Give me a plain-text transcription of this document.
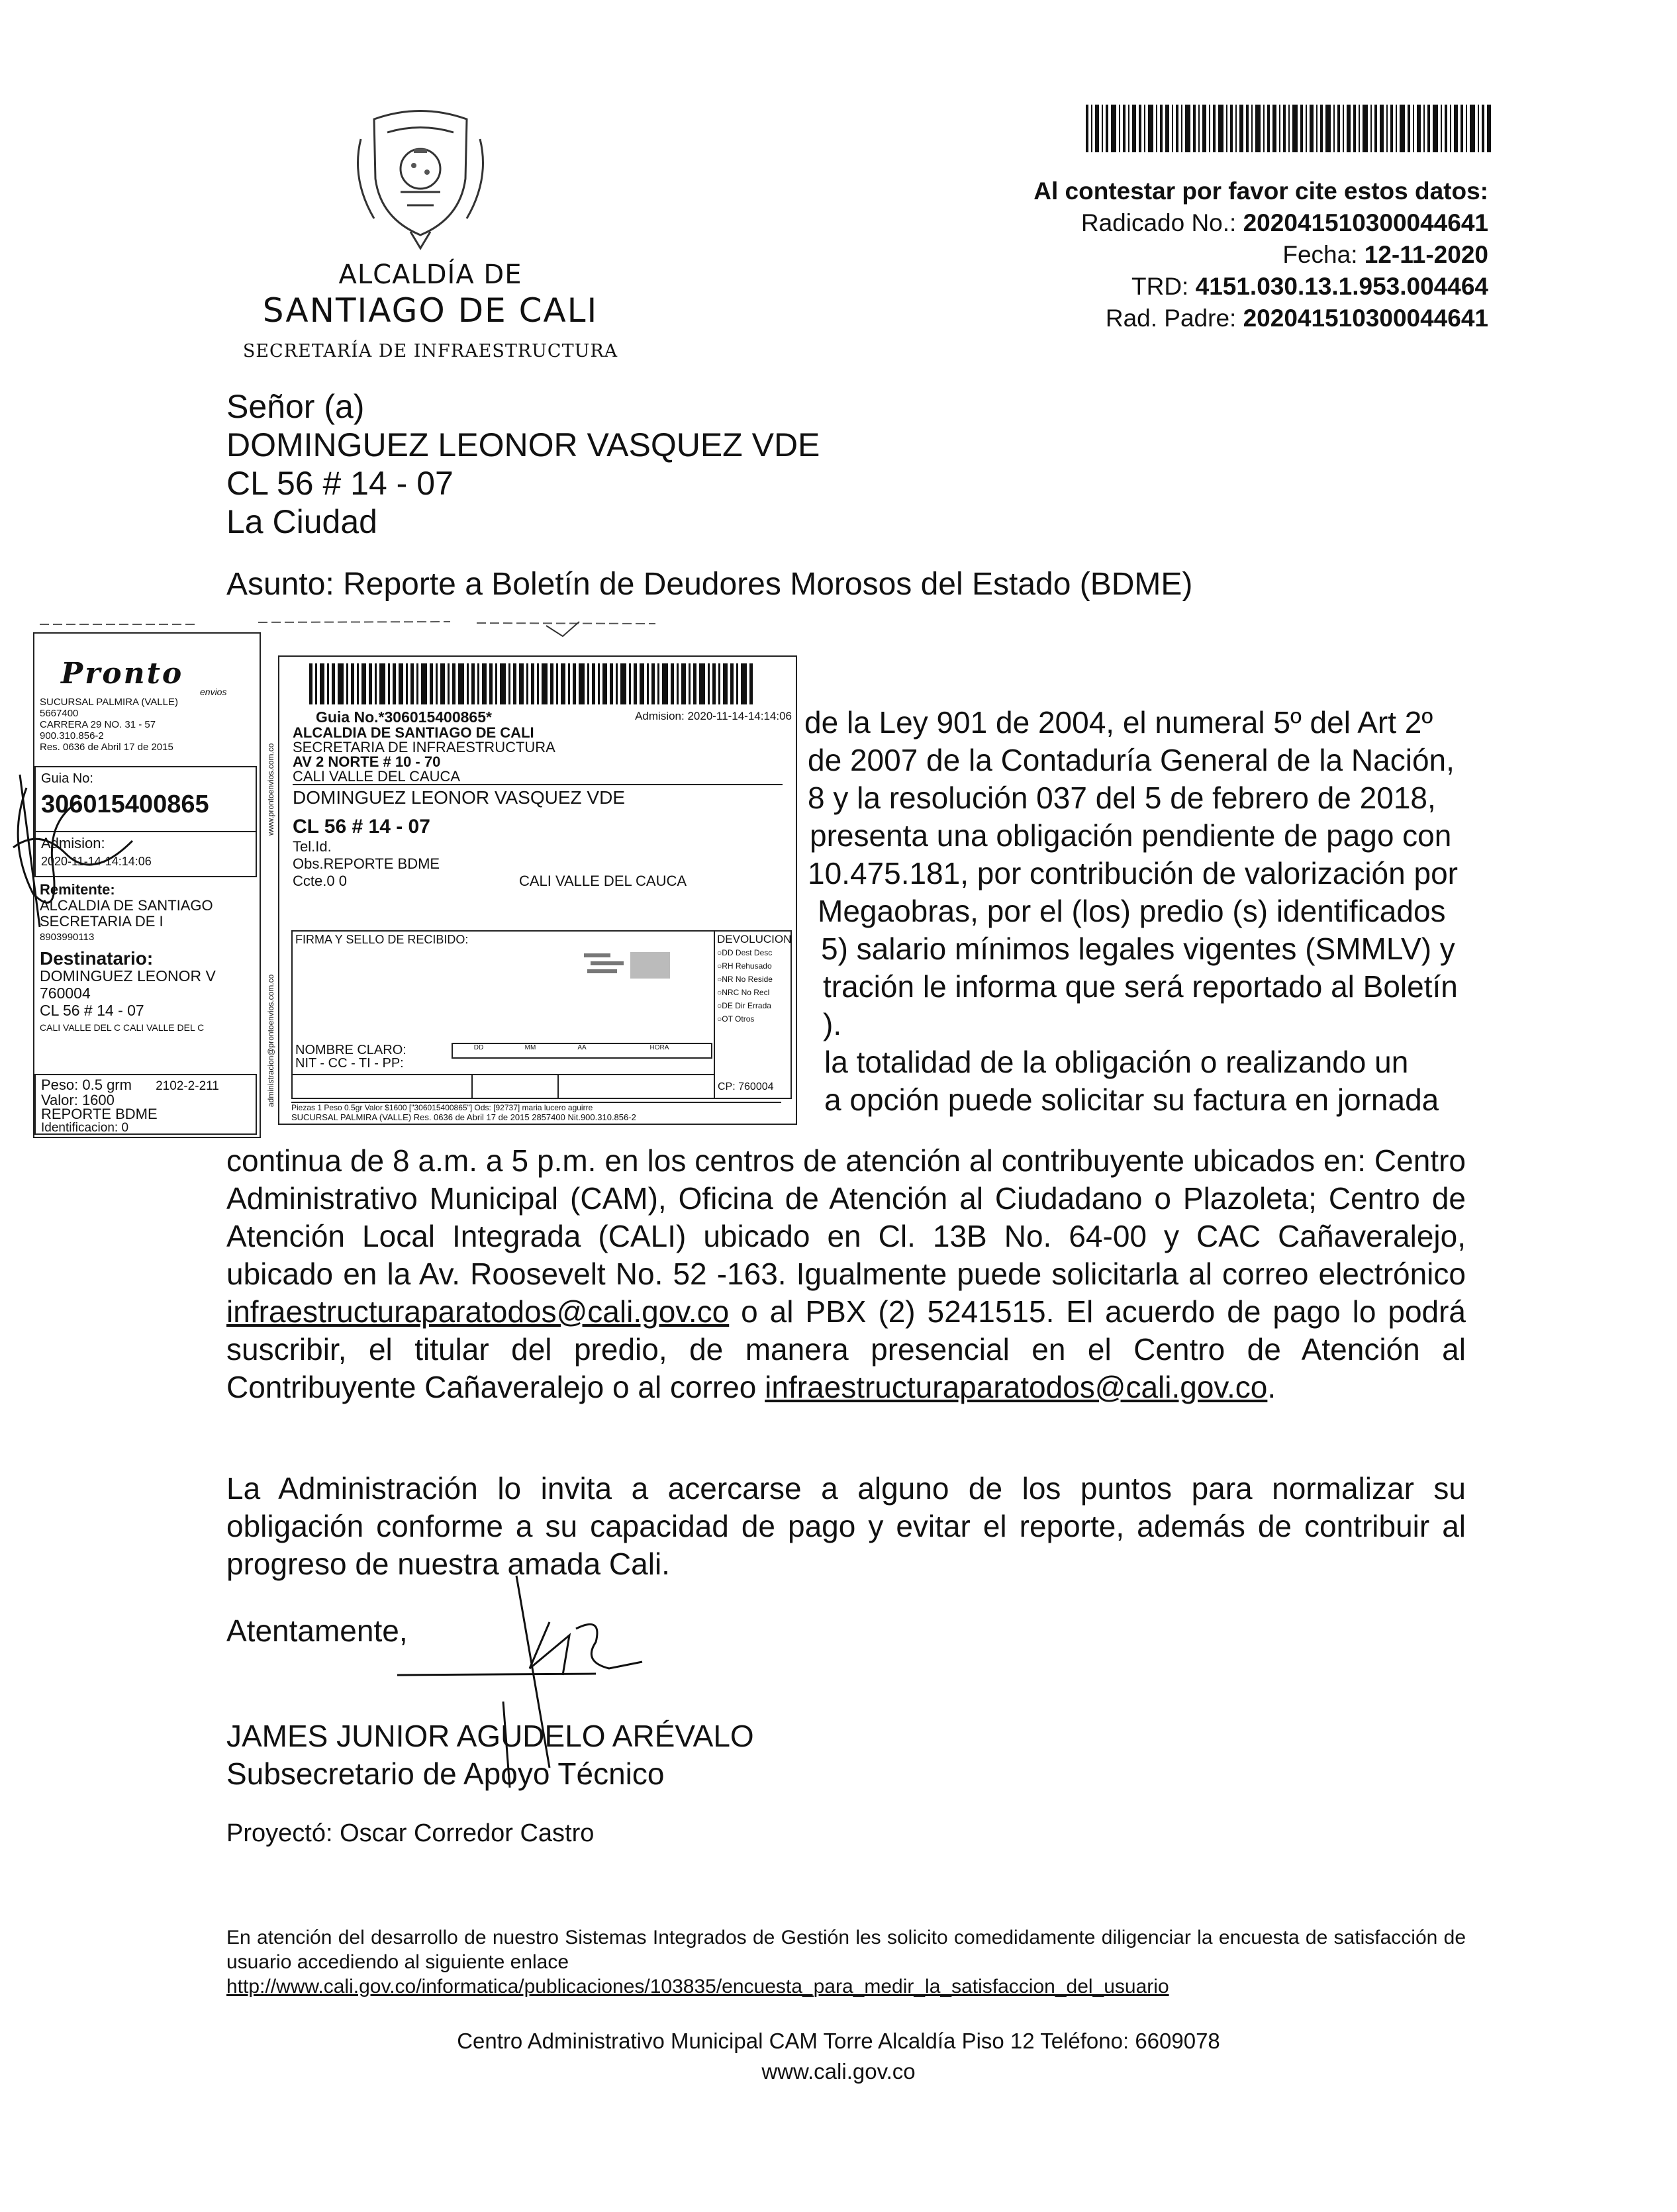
ALCALDÍA DE
SANTIAGO DE CALI
SECRETARÍA DE INFRAESTRUCTURA
Al contestar por favor cite estos datos:
Radicado No.: 202041510300044641
Fecha: 12-11-2020
TRD: 4151.030.13.1.953.004464
Rad. Padre: 202041510300044641
Señor (a)
DOMINGUEZ LEONOR VASQUEZ VDE
CL 56 # 14 - 07
La Ciudad
Asunto: Reporte a Boletín de Deudores Morosos del Estado (BDME)
de la Ley 901 de 2004, el numeral 5º del Art 2º
de 2007 de la Contaduría General de la Nación,
8 y la resolución 037 del 5 de febrero de 2018,
presenta una obligación pendiente de pago con
10.475.181, por contribución de valorización por
Megaobras, por el (los) predio (s) identificados
5) salario mínimos legales vigentes (SMMLV) y
tración le informa que será reportado al Boletín
).
la totalidad de la obligación o realizando un
a opción puede solicitar su factura en jornada
continua de 8 a.m. a 5 p.m. en los centros de atención al contribuyente ubicados en: Centro Administrativo Municipal (CAM), Oficina de Atención al Ciudadano o Plazoleta; Centro de Atención Local Integrada (CALI) ubicado en Cl. 13B No. 64-00 y CAC Cañaveralejo, ubicado en la Av. Roosevelt No. 52 -163. Igualmente puede solicitarla al correo electrónico infraestructuraparatodos@cali.gov.co o al PBX (2) 5241515. El acuerdo de pago lo podrá suscribir, el titular del predio, de manera presencial en el Centro de Atención al Contribuyente Cañaveralejo o al correo infraestructuraparatodos@cali.gov.co.
La Administración lo invita a acercarse a alguno de los puntos para normalizar su obligación conforme a su capacidad de pago y evitar el reporte, además de contribuir al progreso de nuestra amada Cali.
Atentamente,
JAMES JUNIOR AGUDELO ARÉVALO
Subsecretario de Apoyo Técnico
Proyectó: Oscar Corredor Castro
En atención del desarrollo de nuestro Sistemas Integrados de Gestión les solicito comedidamente diligenciar la encuesta de satisfacción de usuario accediendo al siguiente enlace
http://www.cali.gov.co/informatica/publicaciones/103835/encuesta_para_medir_la_satisfaccion_del_usuario
Centro Administrativo Municipal CAM Torre Alcaldía Piso 12 Teléfono: 6609078
www.cali.gov.co
Pronto
envios
SUCURSAL PALMIRA (VALLE)
5667400
CARRERA 29 NO. 31 - 57
900.310.856-2
Res. 0636 de Abril 17 de 2015
Guia No:
306015400865
Admision:
2020-11-14-14:14:06
Remitente:
ALCALDIA DE SANTIAGO
SECRETARIA DE I
8903990113
Destinatario:
DOMINGUEZ LEONOR V
760004
CL 56 # 14 - 07
CALI VALLE DEL C CALI VALLE DEL C
Peso: 0.5 grm 2102-2-211
Valor: 1600
REPORTE BDME
Identificacion: 0
Guia No.*306015400865*	Admision: 2020-11-14-14:14:06
www.prontoenvios.com.co
administracion@prontoenvios.com.co
ALCALDIA DE SANTIAGO DE CALI
SECRETARIA DE INFRAESTRUCTURA
AV 2 NORTE # 10 - 70
CALI VALLE DEL CAUCA
DOMINGUEZ LEONOR VASQUEZ VDE
CL 56 # 14 - 07
Tel.Id.
Obs.REPORTE BDME
Ccte.0 0	CALI VALLE DEL CAUCA
FIRMA Y SELLO DE RECIBIDO:
NOMBRE CLARO:
NIT - CC - TI - PP:
DD	MM	AA	HORA
DEVOLUCION
○DD Dest Desc
○RH Rehusado
○NR No Reside
○NRC No Recl
○DE Dir Errada
○OT Otros
CP: 760004
Piezas 1 Peso 0.5gr Valor $1600 ["306015400865"] Ods: [92737] maria lucero aguirre
SUCURSAL PALMIRA (VALLE) Res. 0636 de Abril 17 de 2015 2857400 Nit.900.310.856-2
